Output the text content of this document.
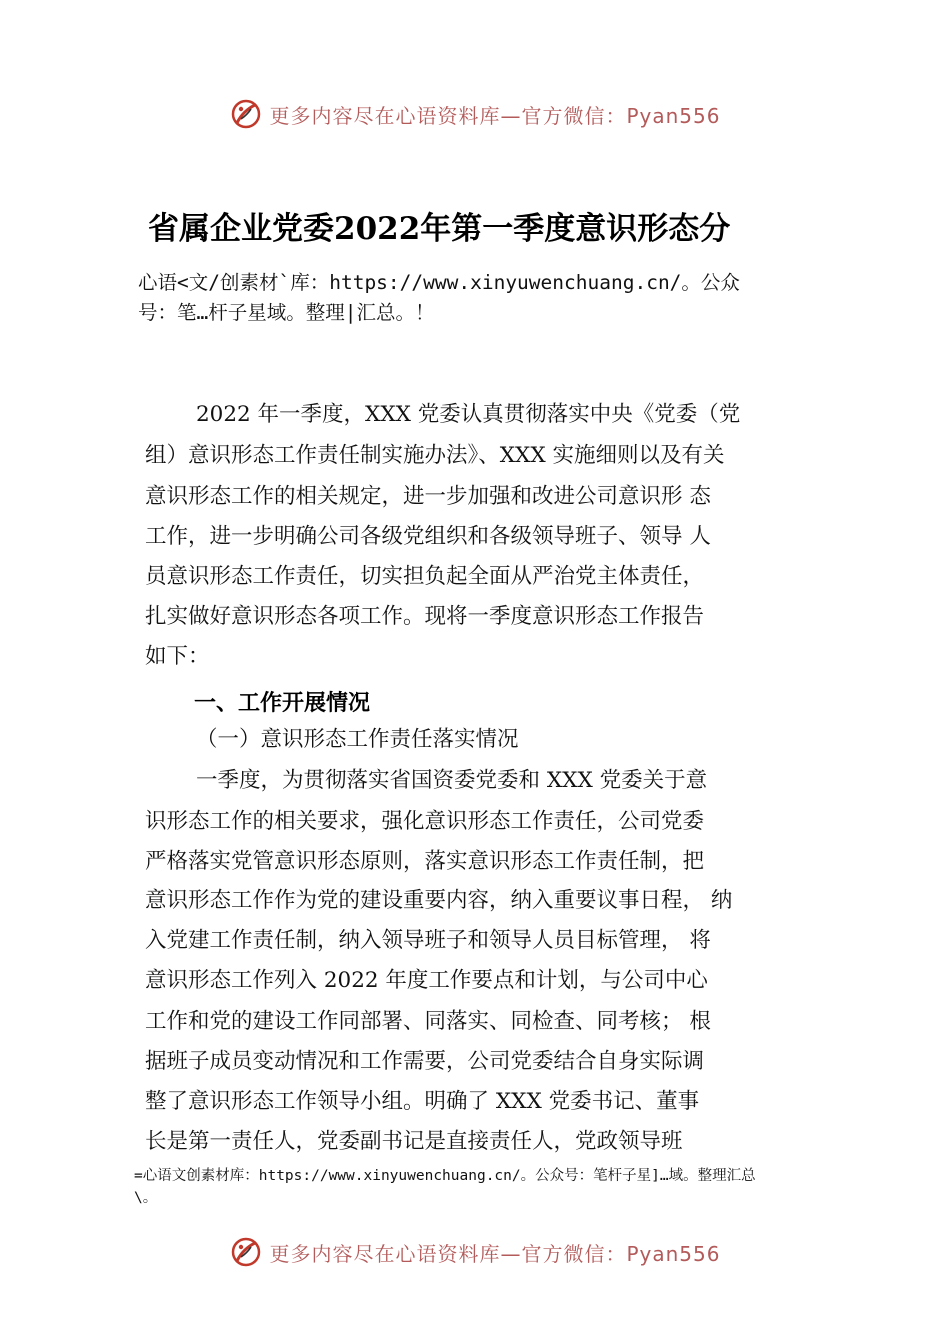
更多内容尽在心语资料库—官方微信：Pyan556
省属企业党委2022年第一季度意识形态分
心语<文/创素材`库：https://www.xinyuwenchuang.cn/。公众
号：笔…杆子星域。整理|汇总。！
2022 年一季度，XXX 党委认真贯彻落实中央《党委（党
组）意识形态工作责任制实施办法》、XXX 实施细则以及有关
意识形态工作的相关规定，进一步加强和改进公司意识形 态
工作，进一步明确公司各级党组织和各级领导班子、领导 人
员意识形态工作责任，切实担负起全面从严治党主体责任，
扎实做好意识形态各项工作。现将一季度意识形态工作报告
如下：
一、工作开展情况
（一）意识形态工作责任落实情况
一季度，为贯彻落实省国资委党委和 XXX 党委关于意
识形态工作的相关要求，强化意识形态工作责任，公司党委
严格落实党管意识形态原则，落实意识形态工作责任制，把
意识形态工作作为党的建设重要内容，纳入重要议事日程， 纳
入党建工作责任制，纳入领导班子和领导人员目标管理， 将
意识形态工作列入 2022 年度工作要点和计划，与公司中心
工作和党的建设工作同部署、同落实、同检查、同考核； 根
据班子成员变动情况和工作需要，公司党委结合自身实际调
整了意识形态工作领导小组。明确了 XXX 党委书记、董事
长是第一责任人，党委副书记是直接责任人，党政领导班
=心语文创素材库：https://www.xinyuwenchuang.cn/。公众号：笔杆子星]…域。整理汇总
\。
更多内容尽在心语资料库—官方微信：Pyan556
